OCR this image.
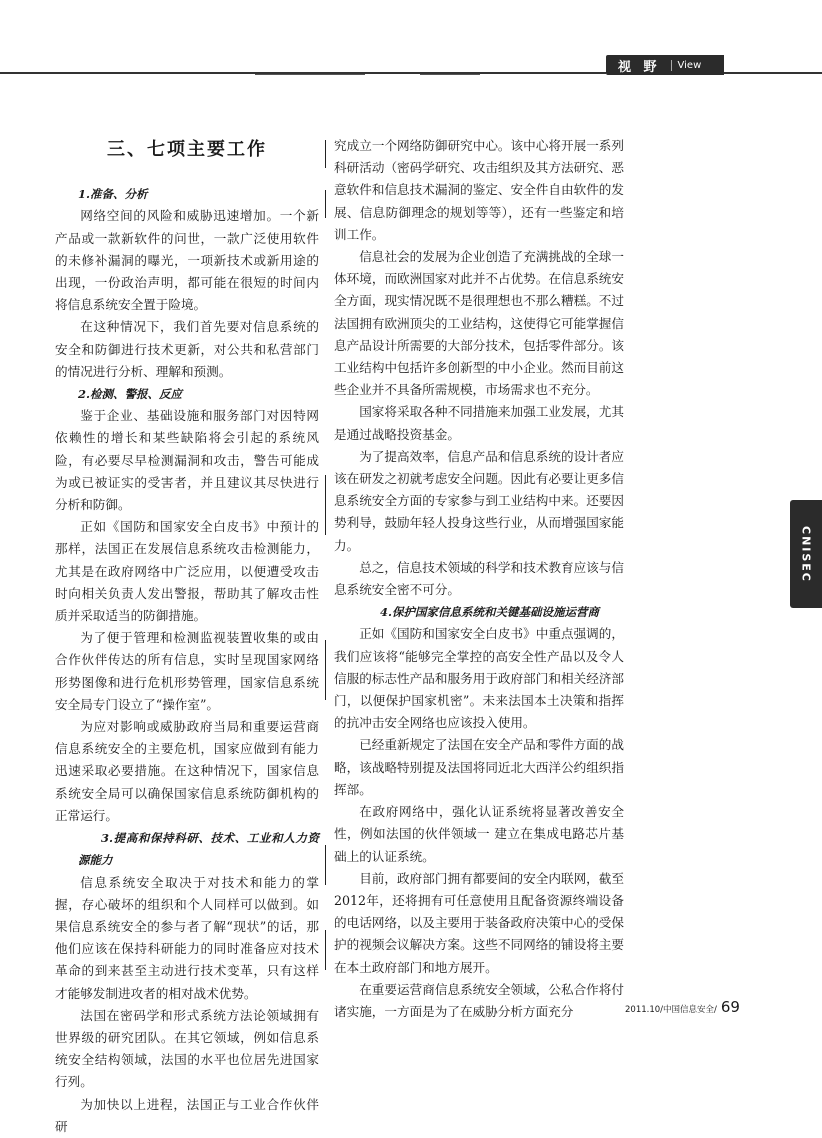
视 野	View
三、七项主要工作

1.准备、分析

网络空间的风险和威胁迅速增加。一个新产品或一款新软件的问世，一款广泛使用软件的未修补漏洞的曝光，一项新技术或新用途的出现，一份政治声明，都可能在很短的时间内将信息系统安全置于险境。

在这种情况下，我们首先要对信息系统的安全和防御进行技术更新，对公共和私营部门的情况进行分析、理解和预测。

2.检测、警报、反应

鉴于企业、基础设施和服务部门对因特网依赖性的增长和某些缺陷将会引起的系统风险，有必要尽早检测漏洞和攻击，警告可能成为或已被证实的受害者，并且建议其尽快进行分析和防御。

正如《国防和国家安全白皮书》中预计的那样，法国正在发展信息系统攻击检测能力，尤其是在政府网络中广泛应用，以便遭受攻击时向相关负责人发出警报，帮助其了解攻击性质并采取适当的防御措施。

为了便于管理和检测监视装置收集的或由合作伙伴传达的所有信息，实时呈现国家网络形势图像和进行危机形势管理，国家信息系统安全局专门设立了“操作室”。

为应对影响或威胁政府当局和重要运营商信息系统安全的主要危机，国家应做到有能力迅速采取必要措施。在这种情况下，国家信息系统安全局可以确保国家信息系统防御机构的正常运行。

3.提高和保持科研、技术、工业和人力资源能力

信息系统安全取决于对技术和能力的掌握，存心破坏的组织和个人同样可以做到。如果信息系统安全的参与者了解“现状”的话，那他们应该在保持科研能力的同时准备应对技术革命的到来甚至主动进行技术变革，只有这样才能够发制进攻者的相对战术优势。

法国在密码学和形式系统方法论领域拥有世界级的研究团队。在其它领域，例如信息系统安全结构领域，法国的水平也位居先进国家行列。

为加快以上进程，法国正与工业合作伙伴研

究成立一个网络防御研究中心。该中心将开展一系列科研活动（密码学研究、攻击组织及其方法研究、恶意软件和信息技术漏洞的鉴定、安全件自由软件的发展、信息防御理念的规划等等），还有一些鉴定和培训工作。

信息社会的发展为企业创造了充满挑战的全球一体环境，而欧洲国家对此并不占优势。在信息系统安全方面，现实情况既不是很理想也不那么糟糕。不过法国拥有欧洲顶尖的工业结构，这使得它可能掌握信息产品设计所需要的大部分技术，包括零件部分。该工业结构中包括许多创新型的中小企业。然而目前这些企业并不具备所需规模，市场需求也不充分。

国家将采取各种不同措施来加强工业发展，尤其是通过战略投资基金。

为了提高效率，信息产品和信息系统的设计者应该在研发之初就考虑安全问题。因此有必要让更多信息系统安全方面的专家参与到工业结构中来。还要因势利导，鼓励年轻人投身这些行业，从而增强国家能力。

总之，信息技术领域的科学和技术教育应该与信息系统安全密不可分。

4.保护国家信息系统和关键基础设施运营商

正如《国防和国家安全白皮书》中重点强调的，我们应该将“能够完全掌控的高安全性产品以及令人信服的标志性产品和服务用于政府部门和相关经济部门，以便保护国家机密”。未来法国本土决策和指挥的抗冲击安全网络也应该投入使用。

已经重新规定了法国在安全产品和零件方面的战略，该战略特别提及法国将同近北大西洋公约组织指挥部。

在政府网络中，强化认证系统将显著改善安全性，例如法国的伙伴领域一 建立在集成电路芯片基础上的认证系统。

目前，政府部门拥有都要间的安全内联网，截至2012年，还将拥有可任意使用且配备资源终端设备的电话网络，以及主要用于装备政府决策中心的受保护的视频会议解决方案。这些不同网络的铺设将主要在本土政府部门和地方展开。

在重要运营商信息系统安全领域，公私合作将付诸实施，一方面是为了在威胁分析方面充分

CNISEC
2011.10/中国信息安全/ 69
